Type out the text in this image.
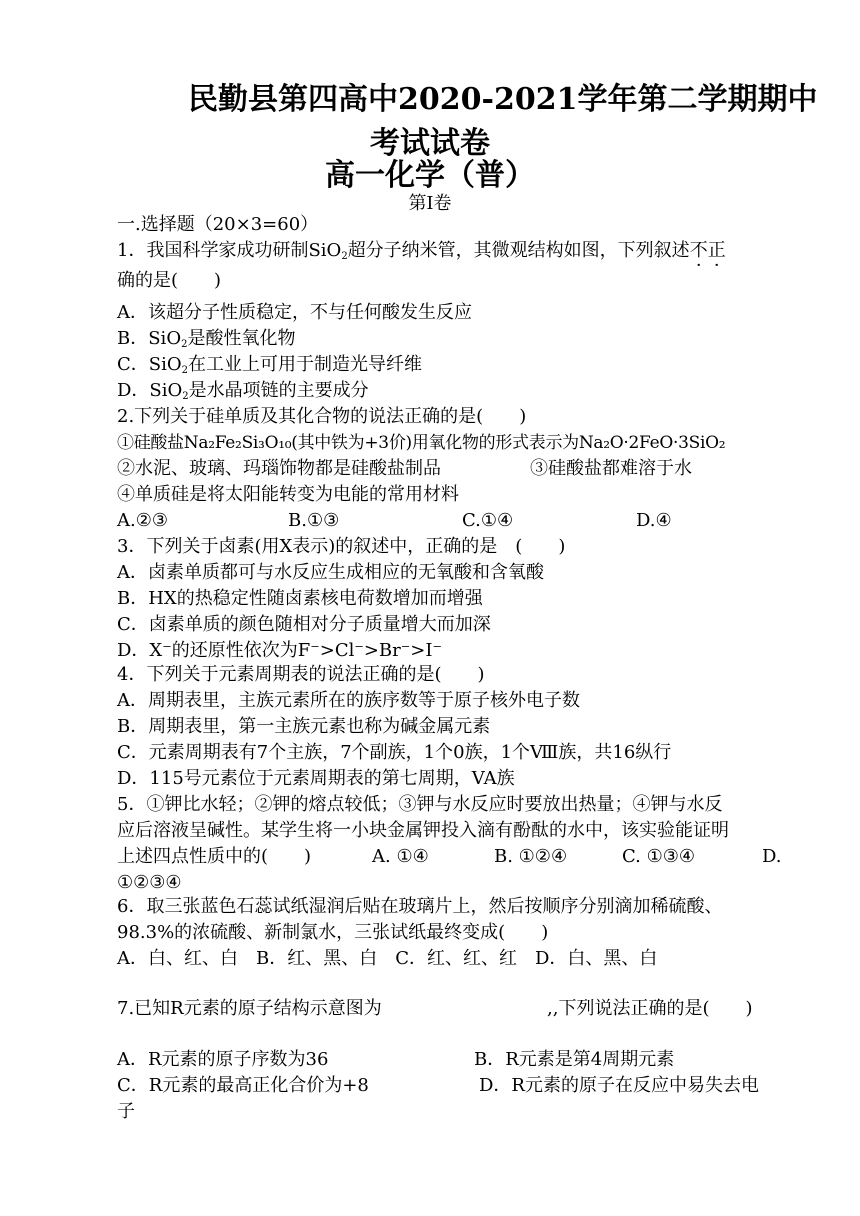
民勤县第四高中2020-2021学年第二学期期中
考试试卷
高一化学（普）
第Ⅰ卷
一.选择题（20×3=60）
1．我国科学家成功研制SiO$_2$超分子纳米管，其微观结构如图，下列叙述不正
确的是(　　)
A．该超分子性质稳定，不与任何酸发生反应
B．SiO$_2$是酸性氧化物
C．SiO$_2$在工业上可用于制造光导纤维
D．SiO$_2$是水晶项链的主要成分
2.下列关于硅单质及其化合物的说法正确的是(　　)
①硅酸盐Na₂Fe₂Si₃O₁₀(其中铁为+3价)用氧化物的形式表示为Na₂O·2FeO·3SiO₂
②水泥、玻璃、玛瑙饰物都是硅酸盐制品	③硅酸盐都难溶于水
④单质硅是将太阳能转变为电能的常用材料
A.②③	B.①③	C.①④	D.④
3．下列关于卤素(用X表示)的叙述中，正确的是　(　　)
A．卤素单质都可与水反应生成相应的无氧酸和含氧酸
B．HX的热稳定性随卤素核电荷数增加而增强
C．卤素单质的颜色随相对分子质量增大而加深
D．X⁻的还原性依次为F⁻>Cl⁻>Br⁻>I⁻
4．下列关于元素周期表的说法正确的是(　　)
A．周期表里，主族元素所在的族序数等于原子核外电子数
B．周期表里，第一主族元素也称为碱金属元素
C．元素周期表有7个主族，7个副族，1个0族，1个Ⅷ族，共16纵行
D．115号元素位于元素周期表的第七周期，VA族
5．①钾比水轻；②钾的熔点较低；③钾与水反应时要放出热量；④钾与水反
应后溶液呈碱性。某学生将一小块金属钾投入滴有酚酞的水中，该实验能证明
上述四点性质中的(　　)	A. ①④	B. ①②④	C. ①③④	D.
①②③④
6．取三张蓝色石蕊试纸湿润后贴在玻璃片上，然后按顺序分别滴加稀硫酸、
98.3%的浓硫酸、新制氯水，三张试纸最终变成(　　)
A．白、红、白　B．红、黑、白　C．红、红、红　D．白、黑、白
7.已知R元素的原子结构示意图为	,,下列说法正确的是(　　)
A．R元素的原子序数为36	B．R元素是第4周期元素
C．R元素的最高正化合价为+8	D．R元素的原子在反应中易失去电
子
